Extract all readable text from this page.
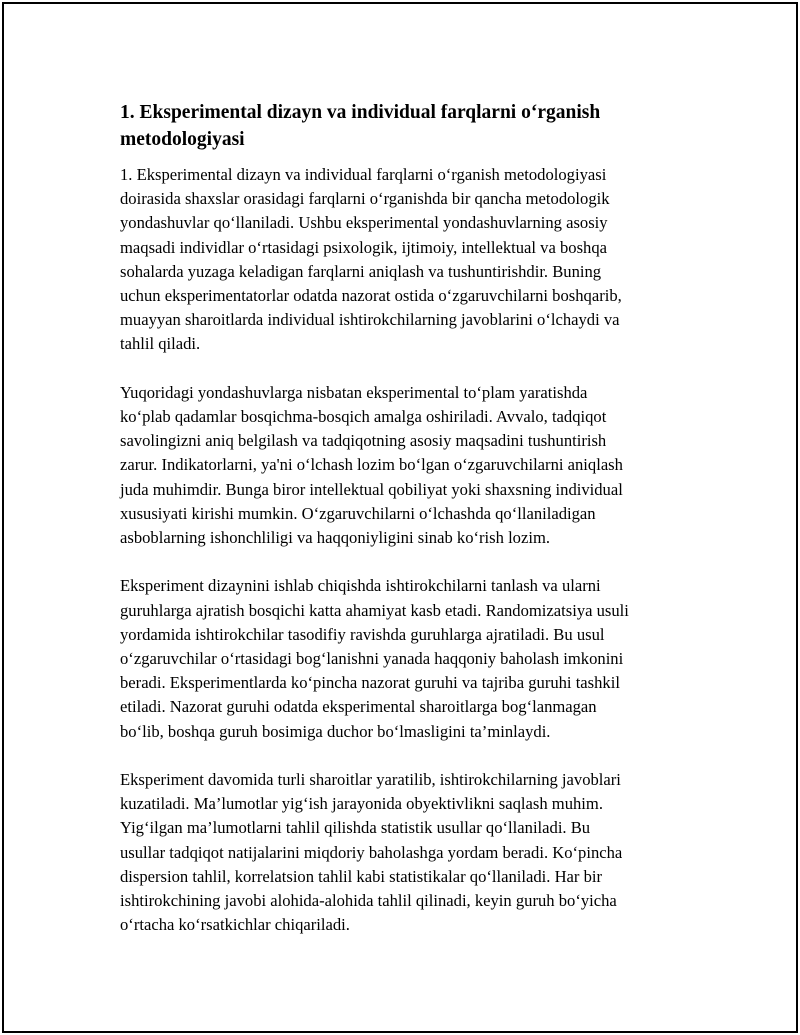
1. Eksperimental dizayn va individual farqlarni o‘rganish
metodologiyasi

1. Eksperimental dizayn va individual farqlarni o‘rganish metodologiyasi
doirasida shaxslar orasidagi farqlarni o‘rganishda bir qancha metodologik
yondashuvlar qo‘llaniladi. Ushbu eksperimental yondashuvlarning asosiy
maqsadi individlar o‘rtasidagi psixologik, ijtimoiy, intellektual va boshqa
sohalarda yuzaga keladigan farqlarni aniqlash va tushuntirishdir. Buning
uchun eksperimentatorlar odatda nazorat ostida o‘zgaruvchilarni boshqarib,
muayyan sharoitlarda individual ishtirokchilarning javoblarini o‘lchaydi va
tahlil qiladi.

Yuqoridagi yondashuvlarga nisbatan eksperimental to‘plam yaratishda
ko‘plab qadamlar bosqichma-bosqich amalga oshiriladi. Avvalo, tadqiqot
savolingizni aniq belgilash va tadqiqotning asosiy maqsadini tushuntirish
zarur. Indikatorlarni, ya'ni o‘lchash lozim bo‘lgan o‘zgaruvchilarni aniqlash
juda muhimdir. Bunga biror intellektual qobiliyat yoki shaxsning individual
xususiyati kirishi mumkin. O‘zgaruvchilarni o‘lchashda qo‘llaniladigan
asboblarning ishonchliligi va haqqoniyligini sinab ko‘rish lozim.

Eksperiment dizaynini ishlab chiqishda ishtirokchilarni tanlash va ularni
guruhlarga ajratish bosqichi katta ahamiyat kasb etadi. Randomizatsiya usuli
yordamida ishtirokchilar tasodifiy ravishda guruhlarga ajratiladi. Bu usul
o‘zgaruvchilar o‘rtasidagi bog‘lanishni yanada haqqoniy baholash imkonini
beradi. Eksperimentlarda ko‘pincha nazorat guruhi va tajriba guruhi tashkil
etiladi. Nazorat guruhi odatda eksperimental sharoitlarga bog‘lanmagan
bo‘lib, boshqa guruh bosimiga duchor bo‘lmasligini ta’minlaydi.

Eksperiment davomida turli sharoitlar yaratilib, ishtirokchilarning javoblari
kuzatiladi. Ma’lumotlar yig‘ish jarayonida obyektivlikni saqlash muhim.
Yig‘ilgan ma’lumotlarni tahlil qilishda statistik usullar qo‘llaniladi. Bu
usullar tadqiqot natijalarini miqdoriy baholashga yordam beradi. Ko‘pincha
dispersion tahlil, korrelatsion tahlil kabi statistikalar qo‘llaniladi. Har bir
ishtirokchining javobi alohida-alohida tahlil qilinadi, keyin guruh bo‘yicha
o‘rtacha ko‘rsatkichlar chiqariladi.
